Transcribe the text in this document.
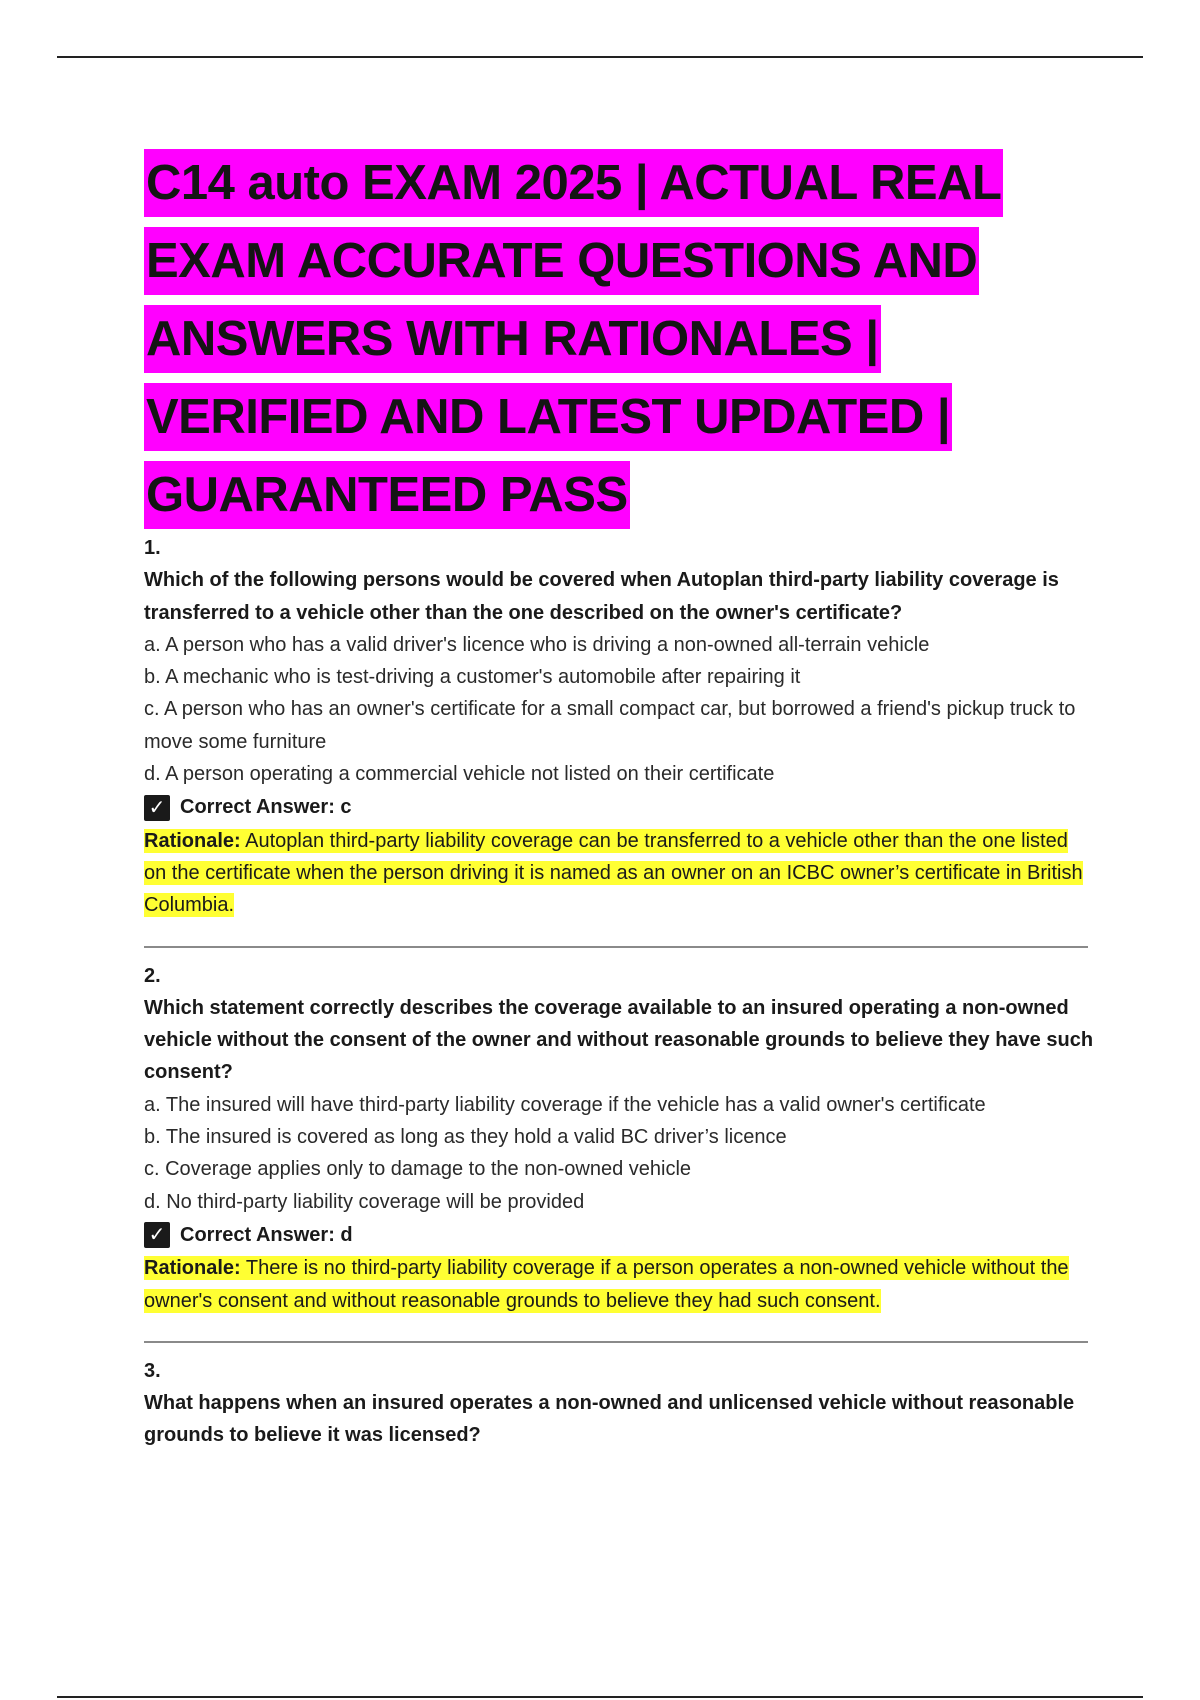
C14 auto EXAM 2025 | ACTUAL REAL
EXAM ACCURATE QUESTIONS AND
ANSWERS WITH RATIONALES |
VERIFIED AND LATEST UPDATED |
GUARANTEED PASS
1.
Which of the following persons would be covered when Autoplan third-party liability coverage is transferred to a vehicle other than the one described on the owner's certificate?
a. A person who has a valid driver's licence who is driving a non-owned all-terrain vehicle
b. A mechanic who is test-driving a customer's automobile after repairing it
c. A person who has an owner's certificate for a small compact car, but borrowed a friend's pickup truck to move some furniture
d. A person operating a commercial vehicle not listed on their certificate
✓ Correct Answer: c
Rationale: Autoplan third-party liability coverage can be transferred to a vehicle other than the one listed on the certificate when the person driving it is named as an owner on an ICBC owner’s certificate in British Columbia.
2.
Which statement correctly describes the coverage available to an insured operating a non-owned vehicle without the consent of the owner and without reasonable grounds to believe they have such consent?
a. The insured will have third-party liability coverage if the vehicle has a valid owner's certificate
b. The insured is covered as long as they hold a valid BC driver’s licence
c. Coverage applies only to damage to the non-owned vehicle
d. No third-party liability coverage will be provided
✓ Correct Answer: d
Rationale: There is no third-party liability coverage if a person operates a non-owned vehicle without the owner's consent and without reasonable grounds to believe they had such consent.
3.
What happens when an insured operates a non-owned and unlicensed vehicle without reasonable grounds to believe it was licensed?
